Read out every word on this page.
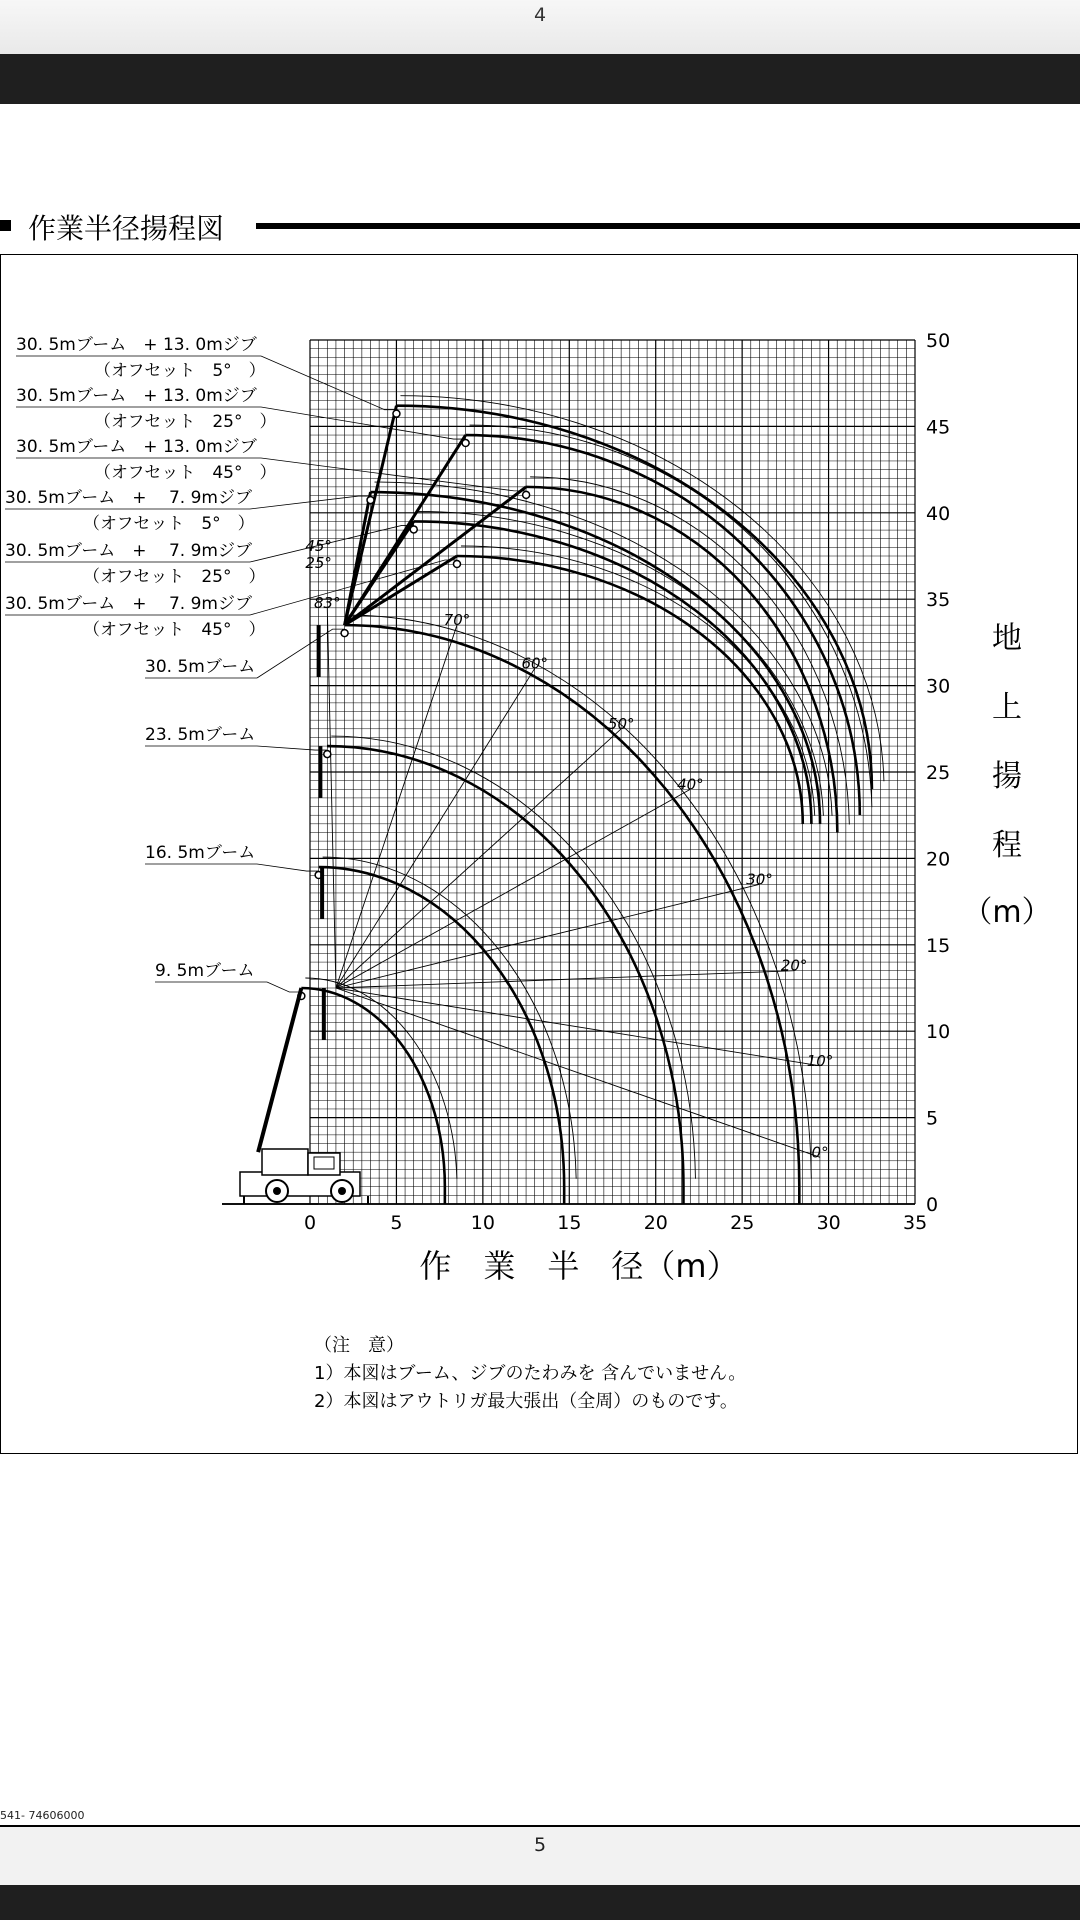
4
作業半径揚程図
0	5	10	15	20	25	30	35
0
5
10
15
20
25
30
35
40
45
50
83°
70°
60°
50°
40°
30°
20°
10°
0°
45°
25°
30. 5mブーム　+ 13. 0mジブ
（オフセット　5°　）
30. 5mブーム　+ 13. 0mジブ
（オフセット　25°　）
30. 5mブーム　+ 13. 0mジブ
（オフセット　45°　）
30. 5mブーム　+　 7. 9mジブ
（オフセット　5°　）
30. 5mブーム　+　 7. 9mジブ
（オフセット　25°　）
30. 5mブーム　+　 7. 9mジブ
（オフセット　45°　）
30. 5mブーム
23. 5mブーム
16. 5mブーム
9. 5mブーム
作　業　半　径（m）
地
上
揚
程
（m）
（注　意）
1）本図はブーム、ジブのたわみを 含んでいません。
2）本図はアウトリガ最大張出（全周）のものです。
541- 74606000
5
